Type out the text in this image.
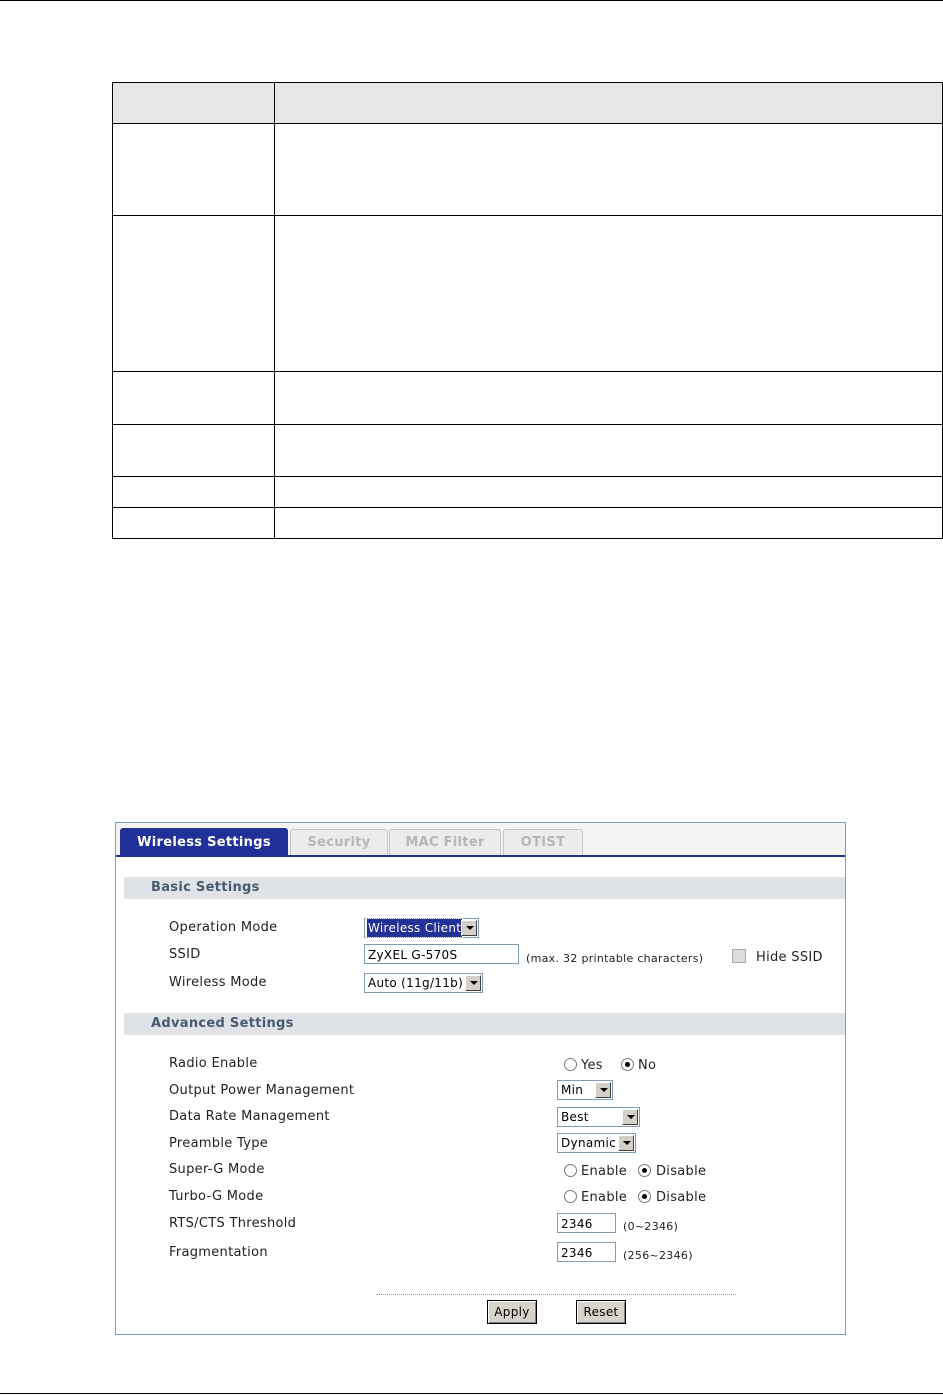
Wireless Settings	Security	MAC Filter	OTIST
Basic Settings
Operation Mode	Wireless Client
SSID	ZyXEL G-570S	(max. 32 printable characters)	Hide SSID
Wireless Mode	Auto (11g/11b)
Advanced Settings
Radio Enable	Yes	No
Output Power Management	Min
Data Rate Management	Best
Preamble Type	Dynamic
Super-G Mode	Enable Disable
Turbo-G Mode	Enable Disable
RTS/CTS Threshold	2346	(0~2346)
Fragmentation	2346	(256~2346)
Apply	Reset
